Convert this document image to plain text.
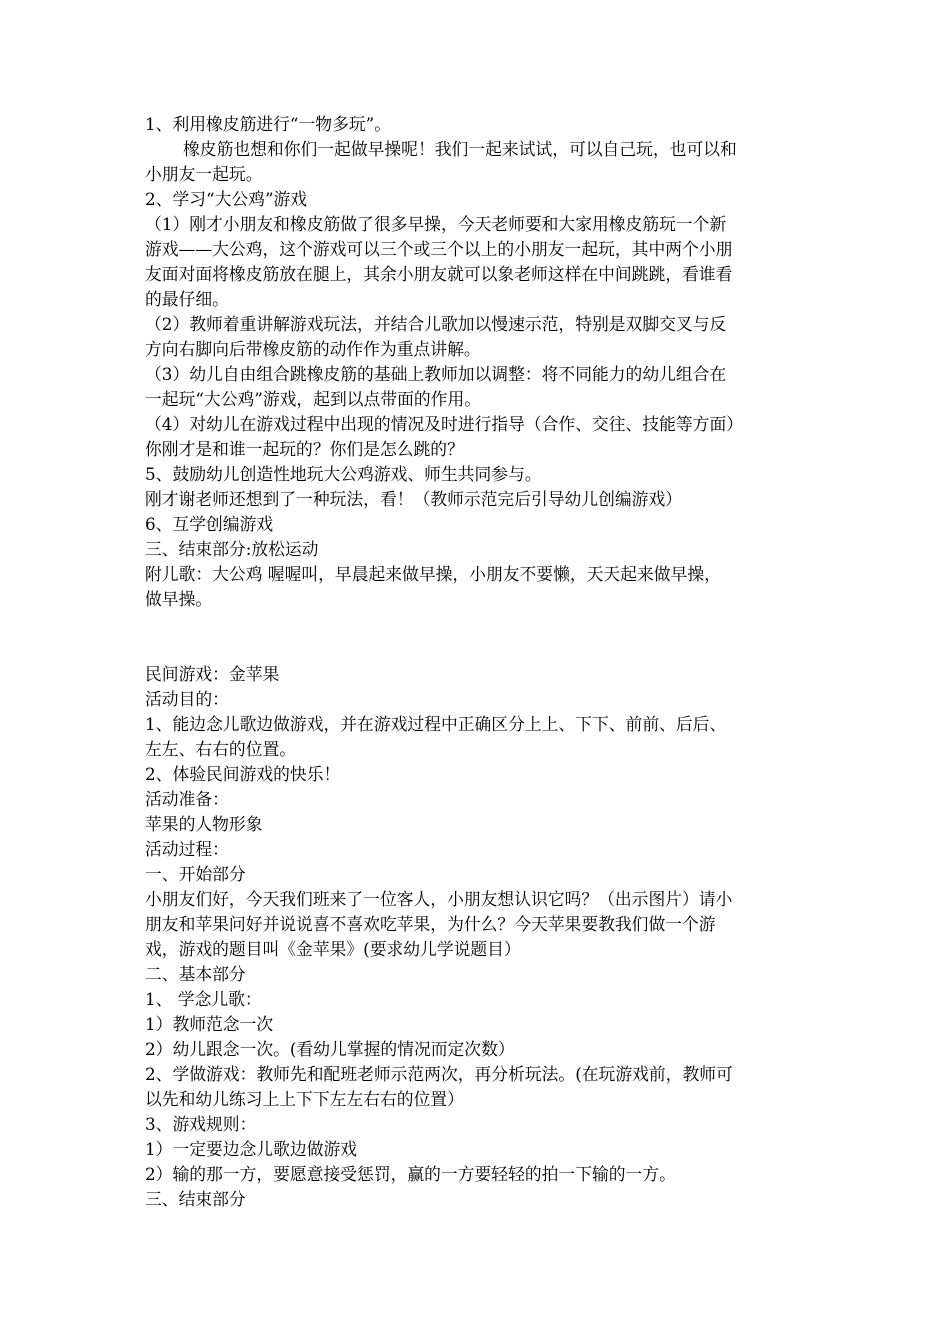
1、利用橡皮筋进行“一物多玩”。
橡皮筋也想和你们一起做早操呢！我们一起来试试，可以自己玩，也可以和
小朋友一起玩。
2、学习“大公鸡”游戏
（1）刚才小朋友和橡皮筋做了很多早操，今天老师要和大家用橡皮筋玩一个新
游戏——大公鸡，这个游戏可以三个或三个以上的小朋友一起玩，其中两个小朋
友面对面将橡皮筋放在腿上，其余小朋友就可以象老师这样在中间跳跳，看谁看
的最仔细。
（2）教师着重讲解游戏玩法，并结合儿歌加以慢速示范，特别是双脚交叉与反
方向右脚向后带橡皮筋的动作作为重点讲解。
（3）幼儿自由组合跳橡皮筋的基础上教师加以调整：将不同能力的幼儿组合在
一起玩“大公鸡”游戏，起到以点带面的作用。
（4）对幼儿在游戏过程中出现的情况及时进行指导（合作、交往、技能等方面）
你刚才是和谁一起玩的？你们是怎么跳的？
5、鼓励幼儿创造性地玩大公鸡游戏、师生共同参与。
刚才谢老师还想到了一种玩法，看！（教师示范完后引导幼儿创编游戏）
6、互学创编游戏
三、结束部分:放松运动
附儿歌：大公鸡 喔喔叫，早晨起来做早操，小朋友不要懒，天天起来做早操，
做早操。
民间游戏：金苹果
活动目的：
1、能边念儿歌边做游戏，并在游戏过程中正确区分上上、下下、前前、后后、
左左、右右的位置。
2、体验民间游戏的快乐！
活动准备：
苹果的人物形象
活动过程：
一、开始部分
小朋友们好，今天我们班来了一位客人，小朋友想认识它吗？（出示图片）请小
朋友和苹果问好并说说喜不喜欢吃苹果，为什么？今天苹果要教我们做一个游
戏，游戏的题目叫《金苹果》(要求幼儿学说题目）
二、基本部分
1、 学念儿歌：
1）教师范念一次
2）幼儿跟念一次。(看幼儿掌握的情况而定次数）
2、学做游戏：教师先和配班老师示范两次，再分析玩法。(在玩游戏前，教师可
以先和幼儿练习上上下下左左右右的位置）
3、游戏规则：
1）一定要边念儿歌边做游戏
2）输的那一方，要愿意接受惩罚，赢的一方要轻轻的拍一下输的一方。
三、结束部分
